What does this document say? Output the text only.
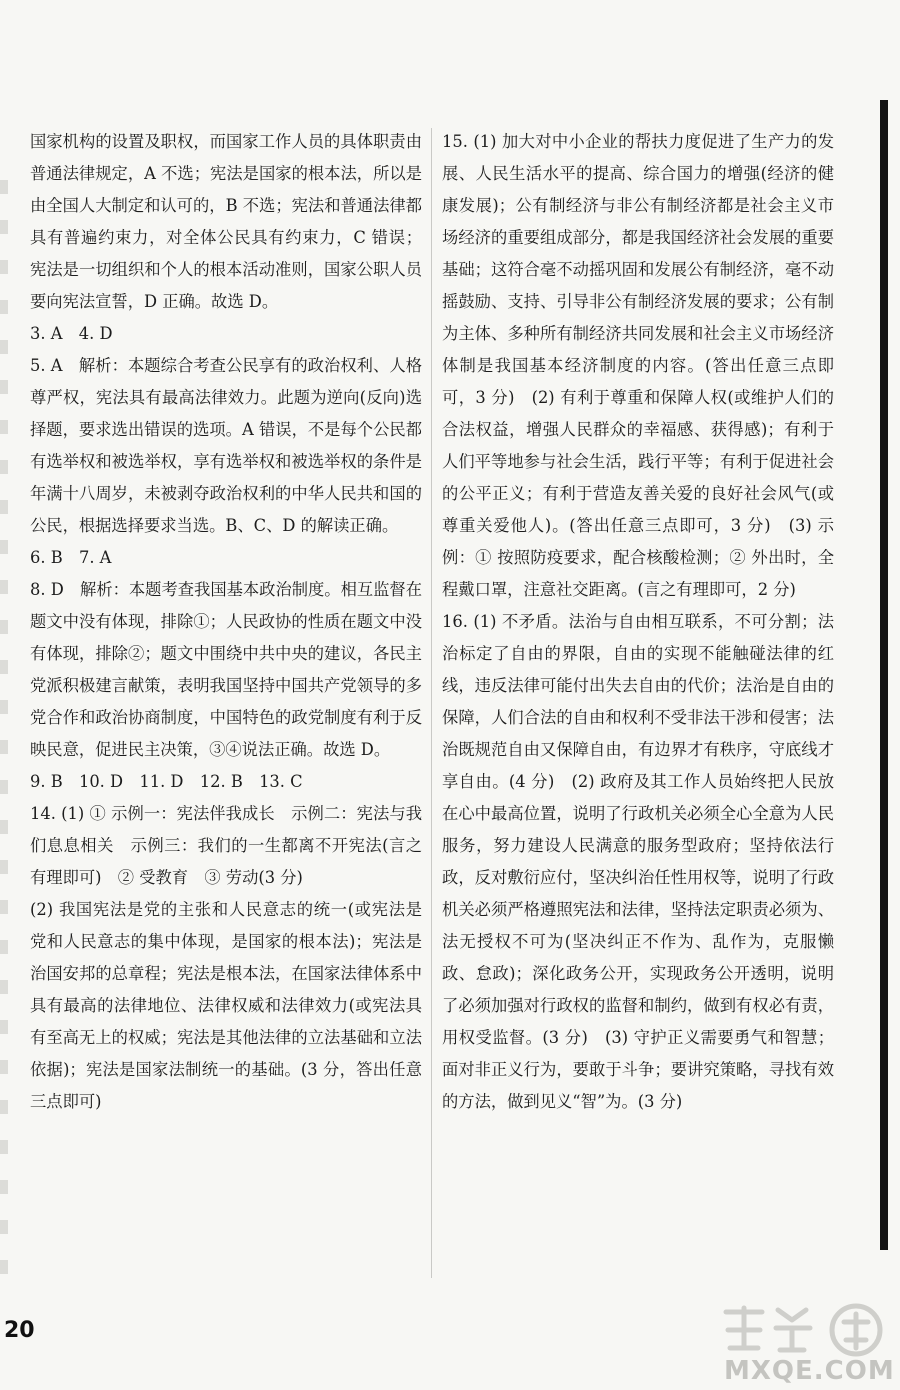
国家机构的设置及职权，而国家工作人员的具体职责由普通法律规定，A 不选；宪法是国家的根本法，所以是由全国人大制定和认可的，B 不选；宪法和普通法律都具有普遍约束力，对全体公民具有约束力，C 错误；宪法是一切组织和个人的根本活动准则，国家公职人员要向宪法宣誓，D 正确。故选 D。

3. A　4. D

5. A　解析：本题综合考查公民享有的政治权利、人格尊严权，宪法具有最高法律效力。此题为逆向(反向)选择题，要求选出错误的选项。A 错误，不是每个公民都有选举权和被选举权，享有选举权和被选举权的条件是年满十八周岁，未被剥夺政治权利的中华人民共和国的公民，根据选择要求当选。B、C、D 的解读正确。

6. B　7. A

8. D　解析：本题考查我国基本政治制度。相互监督在题文中没有体现，排除①；人民政协的性质在题文中没有体现，排除②；题文中围绕中共中央的建议，各民主党派积极建言献策，表明我国坚持中国共产党领导的多党合作和政治协商制度，中国特色的政党制度有利于反映民意，促进民主决策，③④说法正确。故选 D。

9. B　10. D　11. D　12. B　13. C

14. (1) ① 示例一：宪法伴我成长　示例二：宪法与我们息息相关　示例三：我们的一生都离不开宪法(言之有理即可)　② 受教育　③ 劳动(3 分)

(2) 我国宪法是党的主张和人民意志的统一(或宪法是党和人民意志的集中体现，是国家的根本法)；宪法是治国安邦的总章程；宪法是根本法，在国家法律体系中具有最高的法律地位、法律权威和法律效力(或宪法具有至高无上的权威；宪法是其他法律的立法基础和立法依据)；宪法是国家法制统一的基础。(3 分，答出任意三点即可)

15. (1) 加大对中小企业的帮扶力度促进了生产力的发展、人民生活水平的提高、综合国力的增强(经济的健康发展)；公有制经济与非公有制经济都是社会主义市场经济的重要组成部分，都是我国经济社会发展的重要基础；这符合毫不动摇巩固和发展公有制经济，毫不动摇鼓励、支持、引导非公有制经济发展的要求；公有制为主体、多种所有制经济共同发展和社会主义市场经济体制是我国基本经济制度的内容。(答出任意三点即可，3 分)　(2) 有利于尊重和保障人权(或维护人们的合法权益，增强人民群众的幸福感、获得感)；有利于人们平等地参与社会生活，践行平等；有利于促进社会的公平正义；有利于营造友善关爱的良好社会风气(或尊重关爱他人)。(答出任意三点即可，3 分)　(3) 示例：① 按照防疫要求，配合核酸检测；② 外出时，全程戴口罩，注意社交距离。(言之有理即可，2 分)

16. (1) 不矛盾。法治与自由相互联系，不可分割；法治标定了自由的界限，自由的实现不能触碰法律的红线，违反法律可能付出失去自由的代价；法治是自由的保障，人们合法的自由和权利不受非法干涉和侵害；法治既规范自由又保障自由，有边界才有秩序，守底线才享自由。(4 分)　(2) 政府及其工作人员始终把人民放在心中最高位置，说明了行政机关必须全心全意为人民服务，努力建设人民满意的服务型政府；坚持依法行政，反对敷衍应付，坚决纠治任性用权等，说明了行政机关必须严格遵照宪法和法律，坚持法定职责必须为、法无授权不可为(坚决纠正不作为、乱作为，克服懒政、怠政)；深化政务公开，实现政务公开透明，说明了必须加强对行政权的监督和制约，做到有权必有责，用权受监督。(3 分)　(3) 守护正义需要勇气和智慧；面对非正义行为，要敢于斗争；要讲究策略，寻找有效的方法，做到见义“智”为。(3 分)

20
MXQE.COM
